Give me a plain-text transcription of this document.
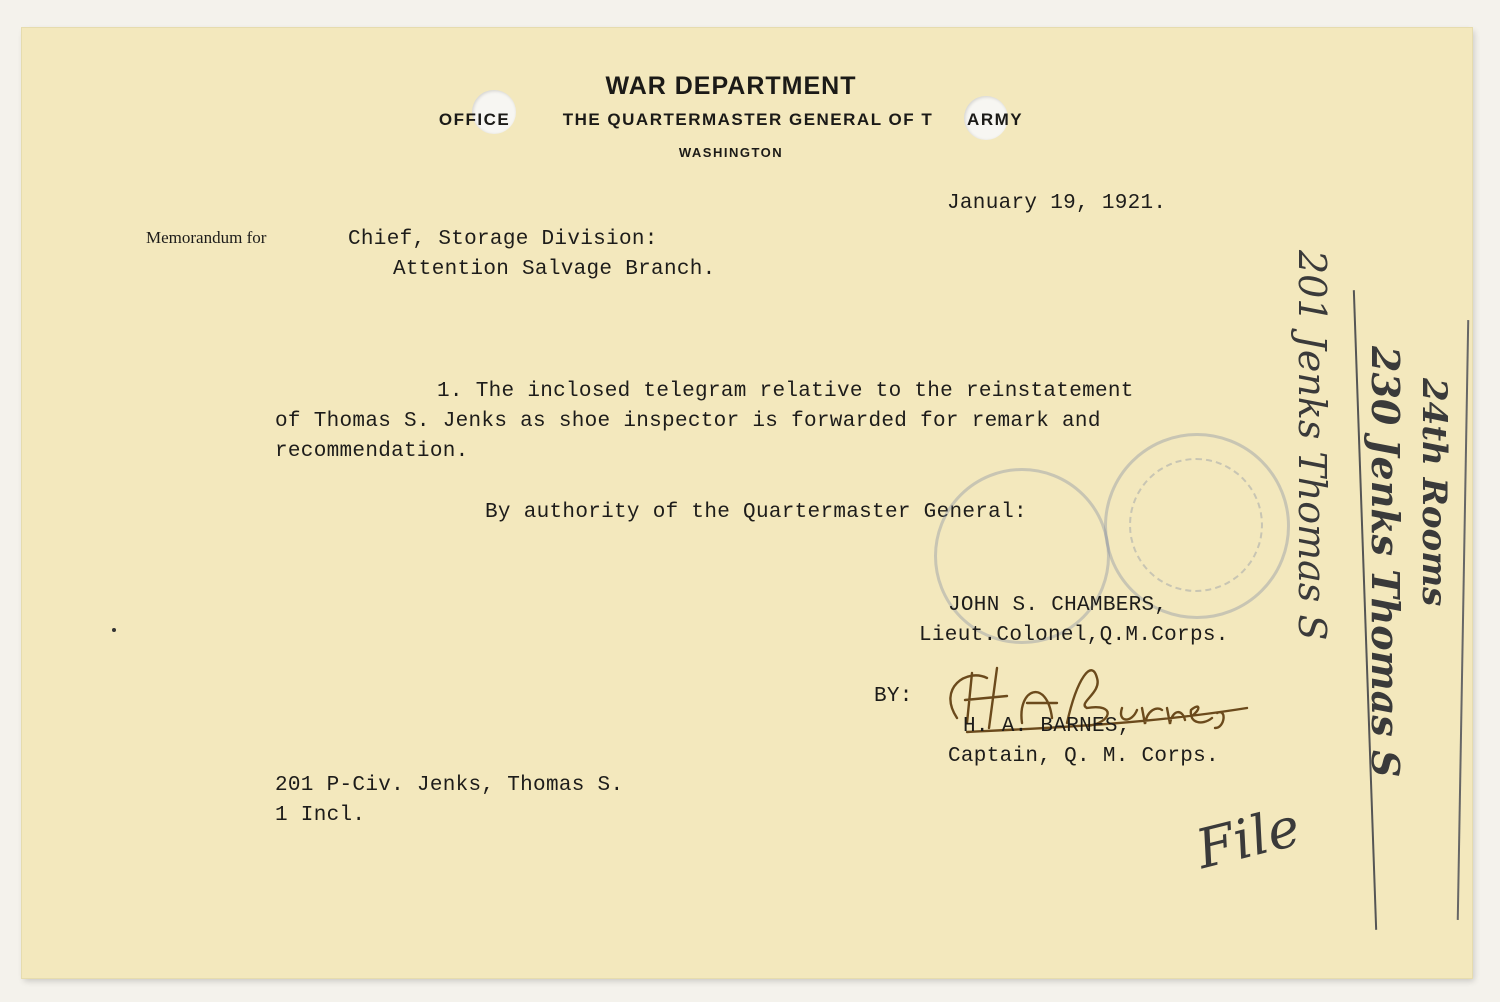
WAR DEPARTMENT
OFFICE	THE QUARTERMASTER GENERAL OF T ARMY
WASHINGTON
January 19, 1921.
Memorandum for	Chief, Storage Division:
Attention Salvage Branch.
1. The inclosed telegram relative to the reinstatement
of Thomas S. Jenks as shoe inspector is forwarded for remark and
recommendation.
By authority of the Quartermaster General:
JOHN S. CHAMBERS,
Lieut.Colonel,Q.M.Corps.
BY:
H. A. BARNES,
Captain, Q. M. Corps.
201 P-Civ. Jenks, Thomas S.
1 Incl.
201 Jenks Thomas S 24th Rooms
230 Jenks Thomas S
File
